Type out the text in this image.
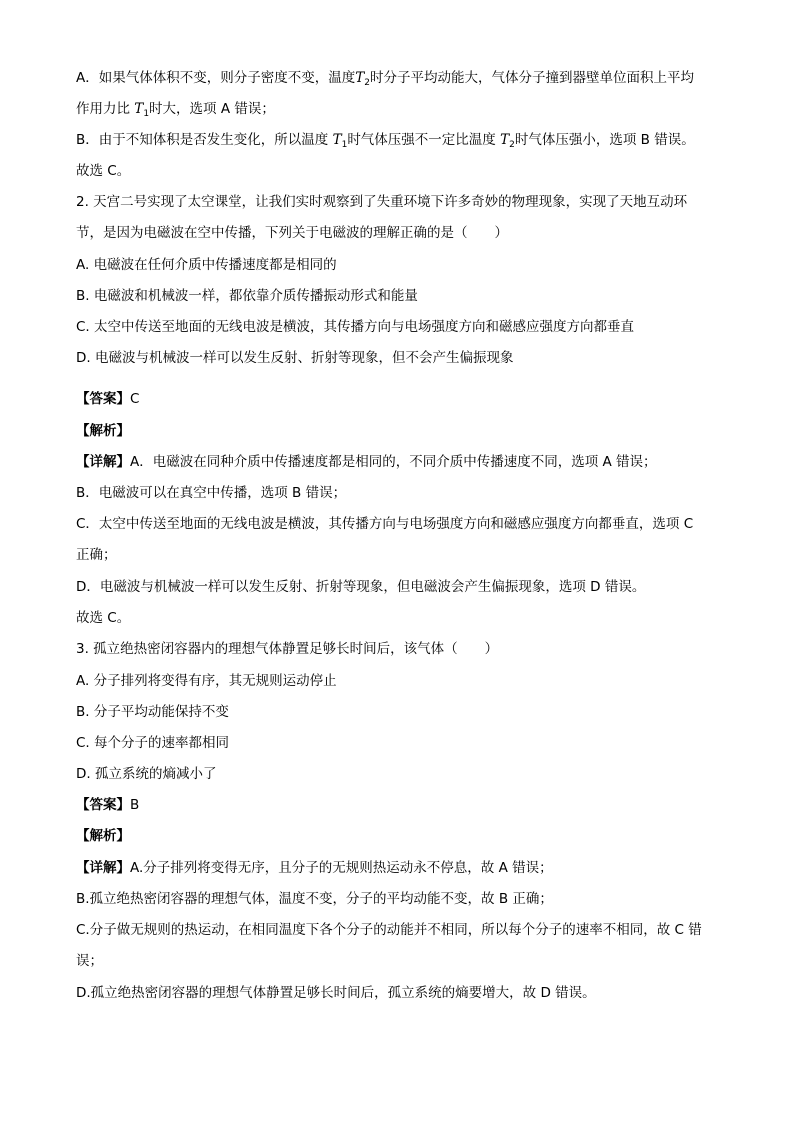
A．如果气体体积不变，则分子密度不变，温度$T_2$时分子平均动能大，气体分子撞到器壁单位面积上平均
作用力比 $T_1$时大，选项 A 错误；
B．由于不知体积是否发生变化，所以温度 $T_1$时气体压强不一定比温度 $T_2$时气体压强小，选项 B 错误。
故选 C。
2. 天宫二号实现了太空课堂，让我们实时观察到了失重环境下许多奇妙的物理现象，实现了天地互动环
节，是因为电磁波在空中传播，下列关于电磁波的理解正确的是（　　）
A. 电磁波在任何介质中传播速度都是相同的
B. 电磁波和机械波一样，都依靠介质传播振动形式和能量
C. 太空中传送至地面的无线电波是横波，其传播方向与电场强度方向和磁感应强度方向都垂直
D. 电磁波与机械波一样可以发生反射、折射等现象，但不会产生偏振现象
【答案】C
【解析】
【详解】A．电磁波在同种介质中传播速度都是相同的，不同介质中传播速度不同，选项 A 错误；
B．电磁波可以在真空中传播，选项 B 错误；
C．太空中传送至地面的无线电波是横波，其传播方向与电场强度方向和磁感应强度方向都垂直，选项 C
正确；
D．电磁波与机械波一样可以发生反射、折射等现象，但电磁波会产生偏振现象，选项 D 错误。
故选 C。
3. 孤立绝热密闭容器内的理想气体静置足够长时间后，该气体（　　）
A. 分子排列将变得有序，其无规则运动停止
B. 分子平均动能保持不变
C. 每个分子的速率都相同
D. 孤立系统的熵减小了
【答案】B
【解析】
【详解】A.分子排列将变得无序，且分子的无规则热运动永不停息，故 A 错误；
B.孤立绝热密闭容器的理想气体，温度不变，分子的平均动能不变，故 B 正确；
C.分子做无规则的热运动，在相同温度下各个分子的动能并不相同，所以每个分子的速率不相同，故 C 错
误；
D.孤立绝热密闭容器的理想气体静置足够长时间后，孤立系统的熵要增大，故 D 错误。
